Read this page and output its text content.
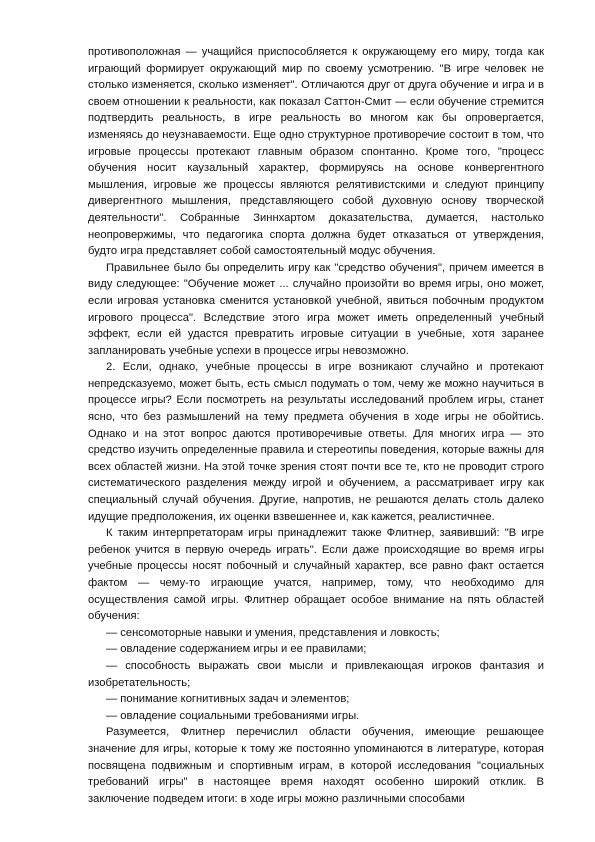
противоположная — учащийся приспособляется к окружающему его миру, тогда как играющий формирует окружающий мир по своему усмотрению. "В игре человек не столько изменяется, сколько изменяет". Отличаются друг от друга обучение и игра и в своем отношении к реальности, как показал Саттон-Смит — если обучение стремится подтвердить реальность, в игре реальность во многом как бы опровергается, изменяясь до неузнаваемости. Еще одно структурное противоречие состоит в том, что игровые процессы протекают главным образом спонтанно. Кроме того, "процесс обучения носит каузальный характер, формируясь на основе конвергентного мышления, игровые же процессы являются релятивистскими и следуют принципу дивергентного мышления, представляющего собой духовную основу творческой деятельности". Собранные Зиннхартом доказательства, думается, настолько неопровержимы, что педагогика спорта должна будет отказаться от утверждения, будто игра представляет собой самостоятельный модус обучения.

Правильнее было бы определить игру как "средство обучения", причем имеется в виду следующее: "Обучение может ... случайно произойти во время игры, оно может, если игровая установка сменится установкой учебной, явиться побочным продуктом игрового процесса". Вследствие этого игра может иметь определенный учебный эффект, если ей удастся превратить игровые ситуации в учебные, хотя заранее запланировать учебные успехи в процессе игры невозможно.

2. Если, однако, учебные процессы в игре возникают случайно и протекают непредсказуемо, может быть, есть смысл подумать о том, чему же можно научиться в процессе игры? Если посмотреть на результаты исследований проблем игры, станет ясно, что без размышлений на тему предмета обучения в ходе игры не обойтись. Однако и на этот вопрос даются противоречивые ответы. Для многих игра — это средство изучить определенные правила и стереотипы поведения, которые важны для всех областей жизни. На этой точке зрения стоят почти все те, кто не проводит строго систематического разделения между игрой и обучением, а рассматривает игру как специальный случай обучения. Другие, напротив, не решаются делать столь далеко идущие предположения, их оценки взвешеннее и, как кажется, реалистичнее.

К таким интерпретаторам игры принадлежит также Флитнер, заявивший: "В игре ребенок учится в первую очередь играть". Если даже происходящие во время игры учебные процессы носят побочный и случайный характер, все равно факт остается фактом — чему-то играющие учатся, например, тому, что необходимо для осуществления самой игры. Флитнер обращает особое внимание на пять областей обучения:

— сенсомоторные навыки и умения, представления и ловкость;

— овладение содержанием игры и ее правилами;

— способность выражать свои мысли и привлекающая игроков фантазия и изобретательность;

— понимание когнитивных задач и элементов;

— овладение социальными требованиями игры.

Разумеется, Флитнер перечислил области обучения, имеющие решающее значение для игры, которые к тому же постоянно упоминаются в литературе, которая посвящена подвижным и спортивным играм, в которой исследования "социальных требований игры" в настоящее время находят особенно широкий отклик. В заключение подведем итоги: в ходе игры можно различными способами
